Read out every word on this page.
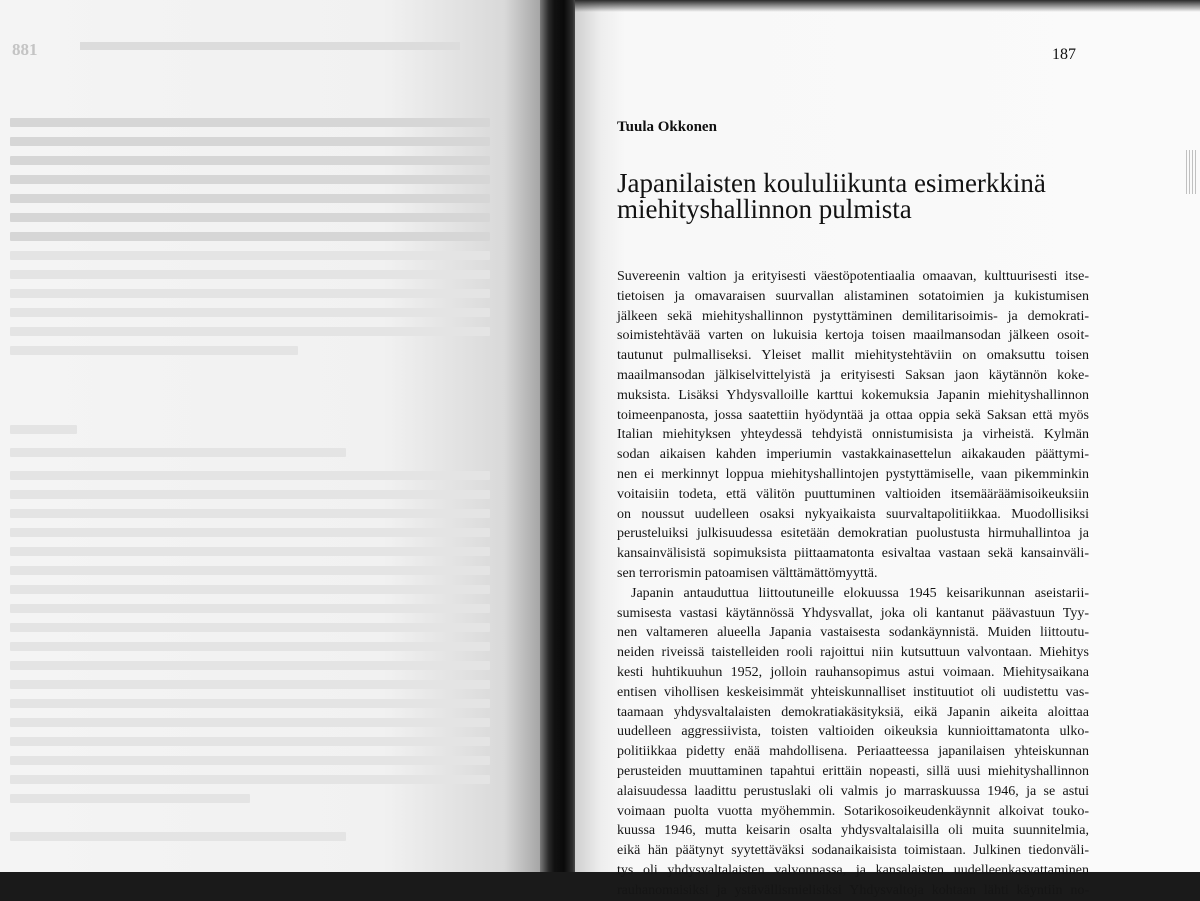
881	187

Tuula Okkonen

Japanilaisten koululiikunta esimerkkinä
miehityshallinnon pulmista
Suvereenin valtion ja erityisesti väestöpotentiaalia omaavan, kulttuurisesti itse-
tietoisen ja omavaraisen suurvallan alistaminen sotatoimien ja kukistumisen
jälkeen sekä miehityshallinnon pystyttäminen demilitarisoimis- ja demokrati-
soimistehtävää varten on lukuisia kertoja toisen maailmansodan jälkeen osoit-
tautunut pulmalliseksi. Yleiset mallit miehitystehtäviin on omaksuttu toisen
maailmansodan jälkiselvittelyistä ja erityisesti Saksan jaon käytännön koke-
muksista. Lisäksi Yhdysvalloille karttui kokemuksia Japanin miehityshallinnon
toimeenpanosta, jossa saatettiin hyödyntää ja ottaa oppia sekä Saksan että myös
Italian miehityksen yhteydessä tehdyistä onnistumisista ja virheistä. Kylmän
sodan aikaisen kahden imperiumin vastakkainasettelun aikakauden päättymi-
nen ei merkinnyt loppua miehityshallintojen pystyttämiselle, vaan pikemminkin
voitaisiin todeta, että välitön puuttuminen valtioiden itsemääräämisoikeuksiin
on noussut uudelleen osaksi nykyaikaista suurvaltapolitiikkaa. Muodollisiksi
perusteluiksi julkisuudessa esitetään demokratian puolustusta hirmuhallintoa ja
kansainvälisistä sopimuksista piittaamatonta esivaltaa vastaan sekä kansainväli-
sen terrorismin patoamisen välttämättömyyttä.
Japanin antauduttua liittoutuneille elokuussa 1945 keisarikunnan aseistarii-
sumisesta vastasi käytännössä Yhdysvallat, joka oli kantanut päävastuun Tyy-
nen valtameren alueella Japania vastaisesta sodankäynnistä. Muiden liittoutu-
neiden riveissä taistelleiden rooli rajoittui niin kutsuttuun valvontaan. Miehitys
kesti huhtikuuhun 1952, jolloin rauhansopimus astui voimaan. Miehitysaikana
entisen vihollisen keskeisimmät yhteiskunnalliset instituutiot oli uudistettu vas-
taamaan yhdysvaltalaisten demokratiakäsityksiä, eikä Japanin aikeita aloittaa
uudelleen aggressiivista, toisten valtioiden oikeuksia kunnioittamatonta ulko-
politiikkaa pidetty enää mahdollisena. Periaatteessa japanilaisen yhteiskunnan
perusteiden muuttaminen tapahtui erittäin nopeasti, sillä uusi miehityshallinnon
alaisuudessa laadittu perustuslaki oli valmis jo marraskuussa 1946, ja se astui
voimaan puolta vuotta myöhemmin. Sotarikosoikeudenkäynnit alkoivat touko-
kuussa 1946, mutta keisarin osalta yhdysvaltalaisilla oli muita suunnitelmia,
eikä hän päätynyt syytettäväksi sodanaikaisista toimistaan. Julkinen tiedonväli-
tys oli yhdysvaltalaisten valvonnassa, ja kansalaisten uudelleenkasvattaminen
rauhanomaisiksi ja ystävällismielisiksi Yhdysvaltoja kohtaan lähti käyntiin no-
